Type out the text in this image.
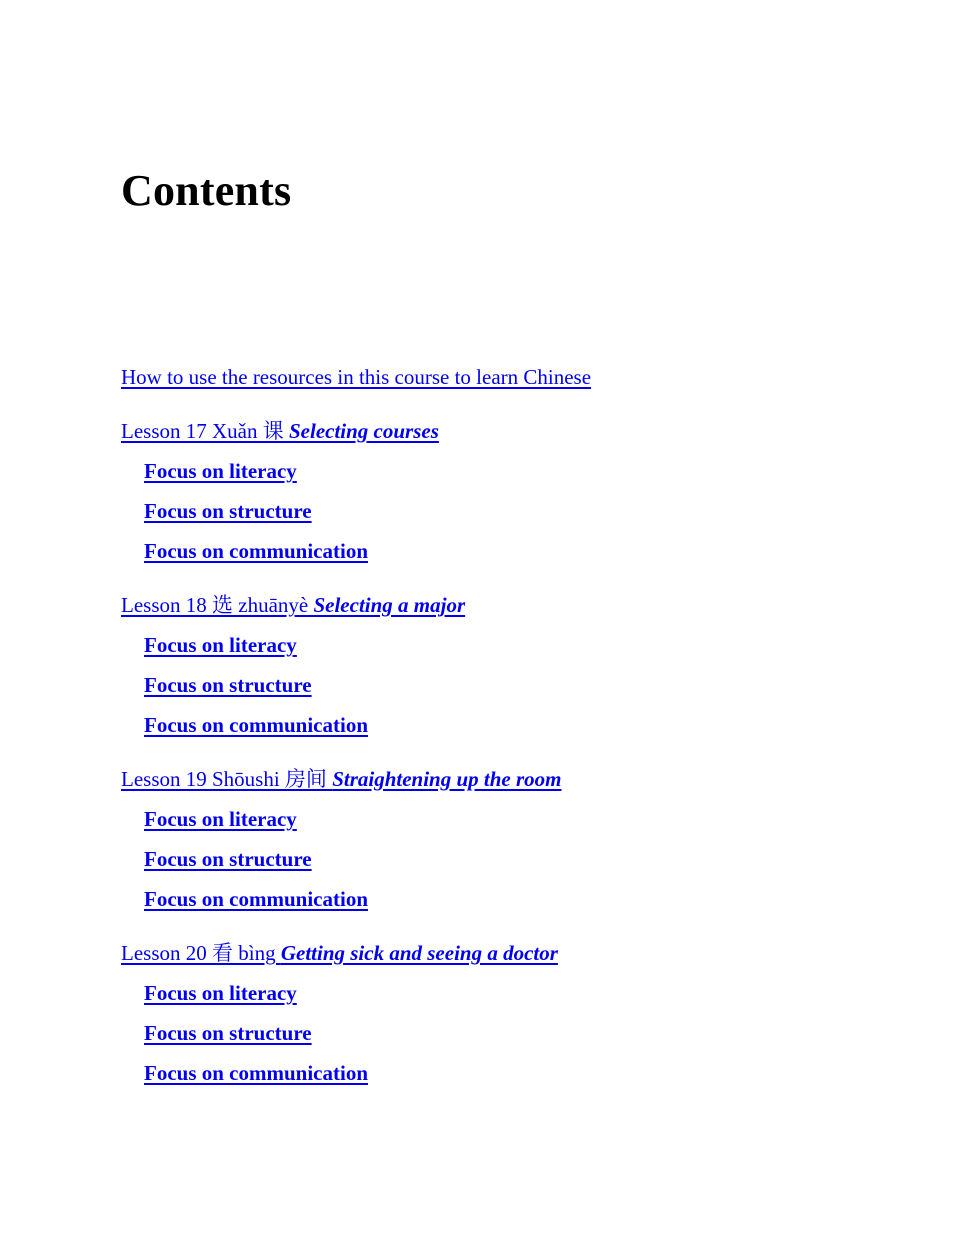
Contents
How to use the resources in this course to learn Chinese
Lesson 17 Xuǎn 课 Selecting courses
Focus on literacy
Focus on structure
Focus on communication
Lesson 18 选 zhuānyè Selecting a major
Focus on literacy
Focus on structure
Focus on communication
Lesson 19 Shōushi 房间 Straightening up the room
Focus on literacy
Focus on structure
Focus on communication
Lesson 20 看 bìng Getting sick and seeing a doctor
Focus on literacy
Focus on structure
Focus on communication
